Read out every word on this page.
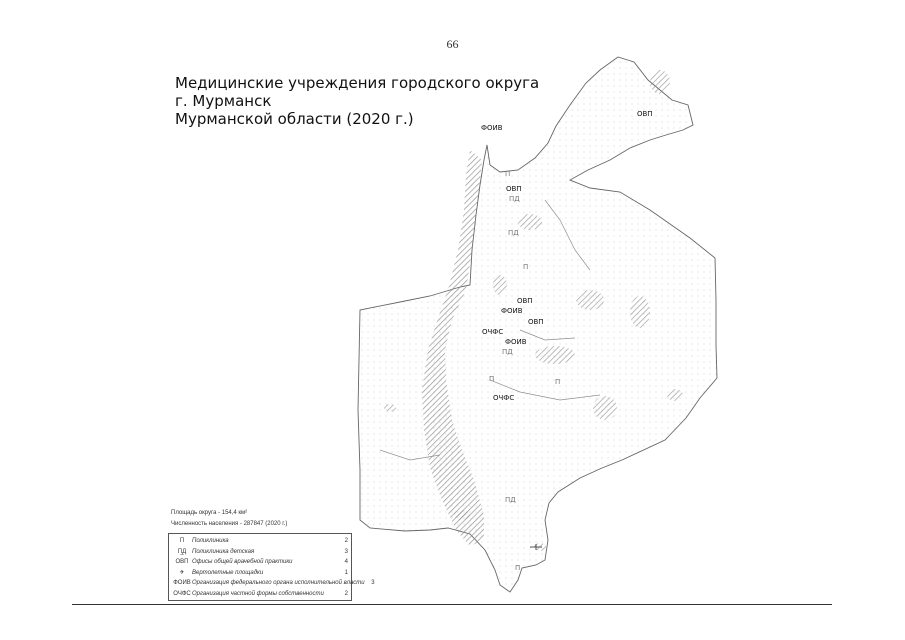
66
Медицинские учреждения городского округа
г. Мурманск
Мурманской области (2020 г.)	ОВП
ФОИВ
ОВП
ПД
П
ПД
П
ОВП
ФОИВ
ОВП
ОЧФС
ФОИВ
ПД
П
ОЧФС
П
ПД
П
Площадь округа - 154,4 км²
Численность населения - 287847 (2020 г.)
П	Поликлиника	2
П̲Д Поликлиника детская	3
ОВП Офисы общей врачебной практики	4
✈	Вертолетные площадки	1
ФОИВ Организация федерального органа исполнительной власти	3
ОЧФС Организация частной формы собственности	2
